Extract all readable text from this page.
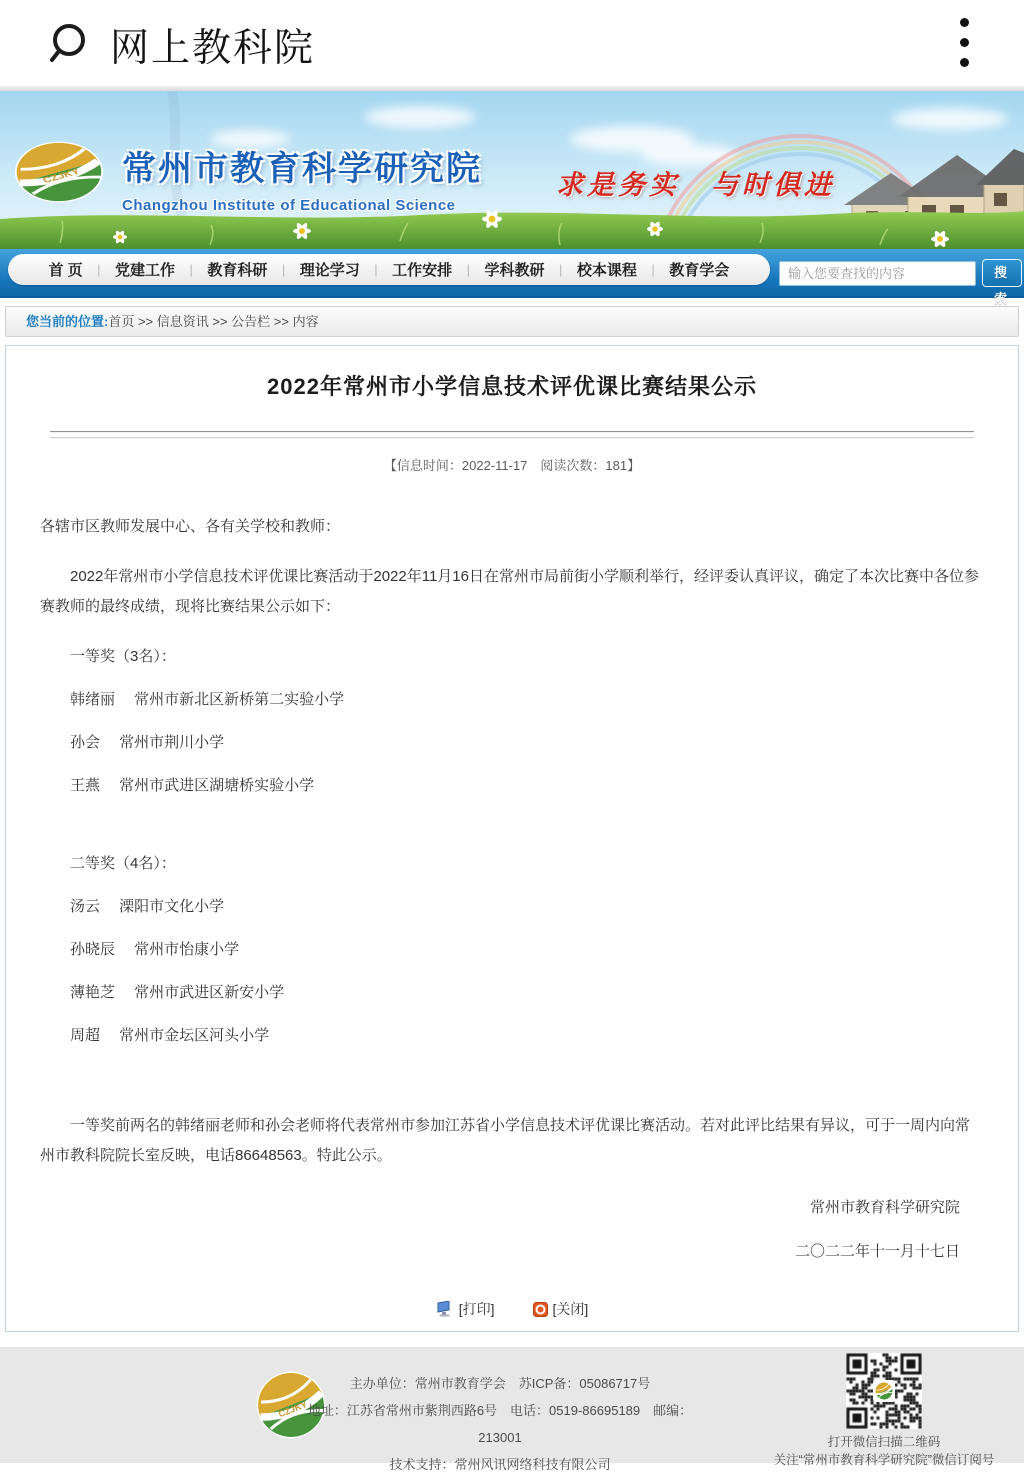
网上教科院
常州市教育科学研究院
Changzhou Institute of Educational Science
求是务实　与时俱进
首 页 | 党建工作 | 教育科研 | 理论学习 | 工作安排 | 学科教研 | 校本课程 | 教育学会
输入您要查找的内容	搜 索
您当前的位置:首页 >> 信息资讯 >> 公告栏 >> 内容
2022年常州市小学信息技术评优课比赛结果公示
【信息时间：2022-11-17　阅读次数：181】

各辖市区教师发展中心、各有关学校和教师：

2022年常州市小学信息技术评优课比赛活动于2022年11月16日在常州市局前街小学顺利举行，经评委认真评议，确定了本次比赛中各位参赛教师的最终成绩，现将比赛结果公示如下：

一等奖（3名）：

韩绪丽　 常州市新北区新桥第二实验小学

孙会　 常州市荆川小学

王燕　 常州市武进区湖塘桥实验小学

二等奖（4名）：

汤云　 溧阳市文化小学

孙晓辰　 常州市怡康小学

薄艳芝　 常州市武进区新安小学

周超　 常州市金坛区河头小学

一等奖前两名的韩绪丽老师和孙会老师将代表常州市参加江苏省小学信息技术评优课比赛活动。若对此评比结果有异议，可于一周内向常州市教科院院长室反映，电话86648563。特此公示。

常州市教育科学研究院

二〇二二年十一月十七日

[打印]	[关闭]
主办单位：常州市教育学会　苏ICP备：05086717号
地址：江苏省常州市紫荆西路6号　电话：0519-86695189　邮编：213001
技术支持：常州风讯网络科技有限公司
打开微信扫描二维码
关注“常州市教育科学研究院”微信订阅号
